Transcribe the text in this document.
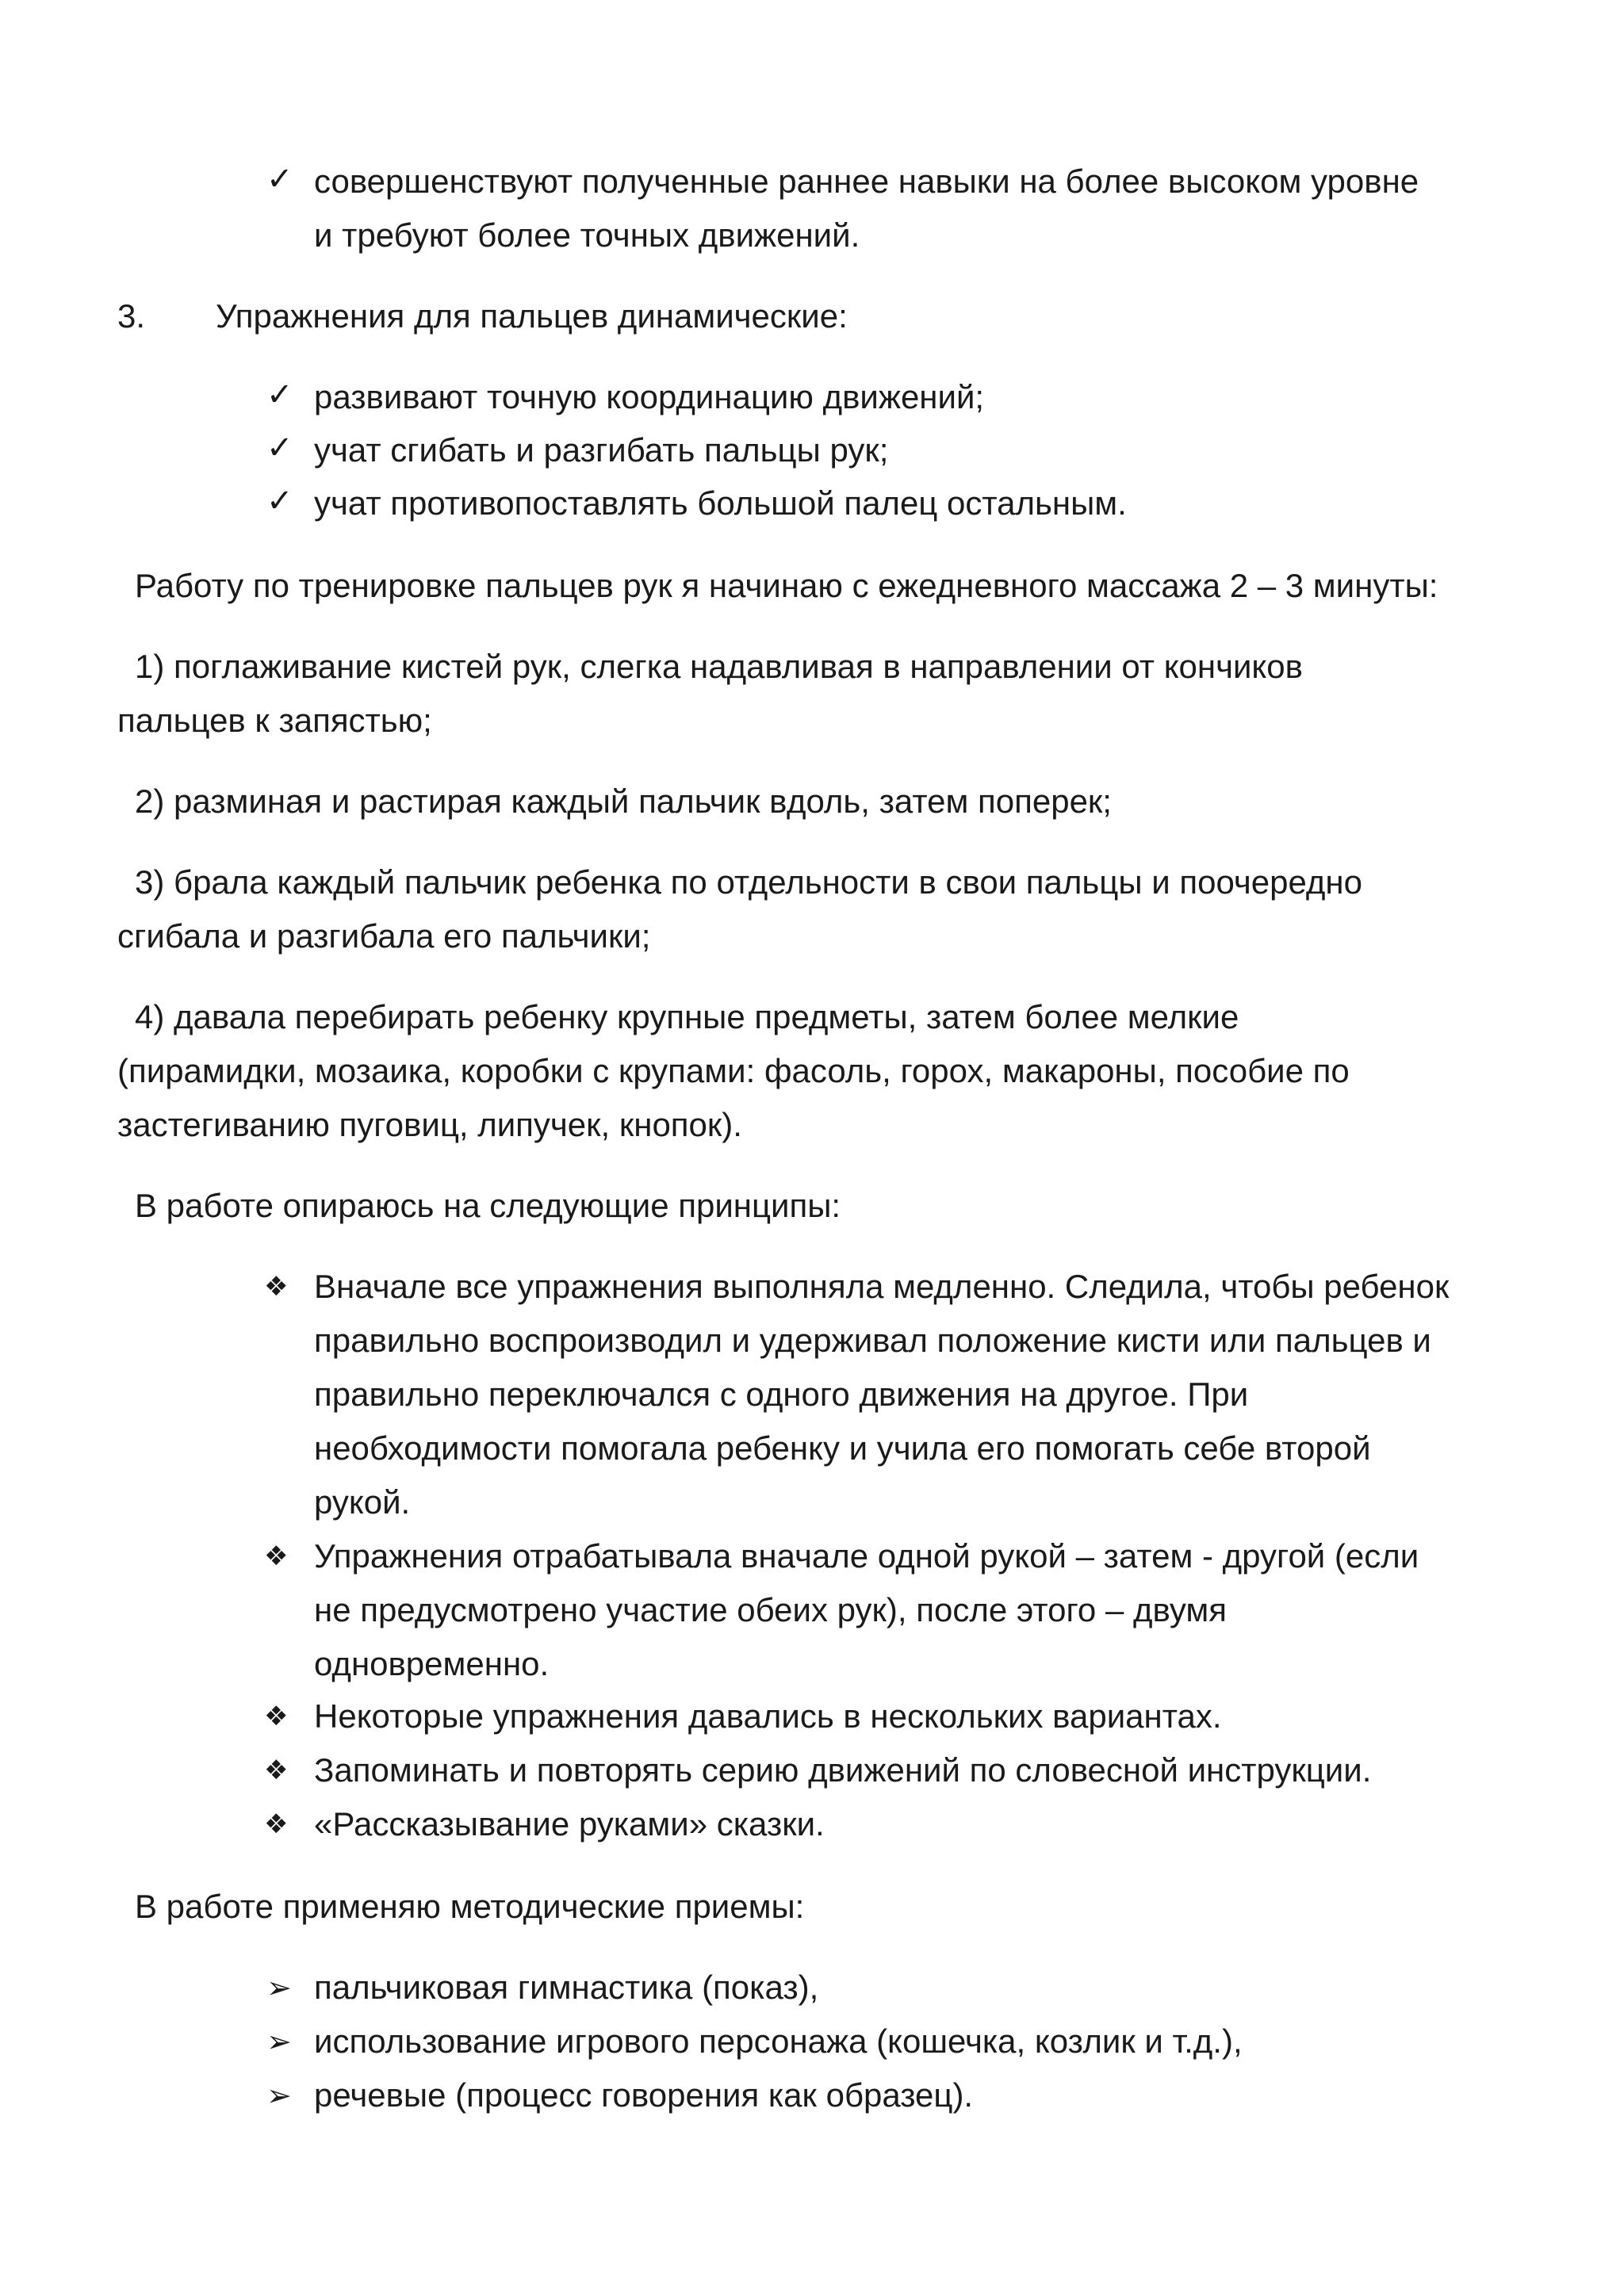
✓ совершенствуют полученные раннее навыки на более высоком уровне
и требуют более точных движений.
3. Упражнения для пальцев динамические:
✓ развивают точную координацию движений;
✓ учат сгибать и разгибать пальцы рук;
✓ учат противопоставлять большой палец остальным.
Работу по тренировке пальцев рук я начинаю с ежедневного массажа 2 – 3 минуты:
1) поглаживание кистей рук, слегка надавливая в направлении от кончиков
пальцев к запястью;
2) разминая и растирая каждый пальчик вдоль, затем поперек;
3) брала каждый пальчик ребенка по отдельности в свои пальцы и поочередно
сгибала и разгибала его пальчики;
4) давала перебирать ребенку крупные предметы, затем более мелкие
(пирамидки, мозаика, коробки с крупами: фасоль, горох, макароны, пособие по
застегиванию пуговиц, липучек, кнопок).
В работе опираюсь на следующие принципы:
❖ Вначале все упражнения выполняла медленно. Следила, чтобы ребенок
правильно воспроизводил и удерживал положение кисти или пальцев и
правильно переключался с одного движения на другое. При
необходимости помогала ребенку и учила его помогать себе второй
рукой.
❖ Упражнения отрабатывала вначале одной рукой – затем - другой (если
не предусмотрено участие обеих рук), после этого – двумя
одновременно.
❖ Некоторые упражнения давались в нескольких вариантах.
❖ Запоминать и повторять серию движений по словесной инструкции.
❖ «Рассказывание руками» сказки.
В работе применяю методические приемы:
➢ пальчиковая гимнастика (показ),
➢ использование игрового персонажа (кошечка, козлик и т.д.),
➢ речевые (процесс говорения как образец).
